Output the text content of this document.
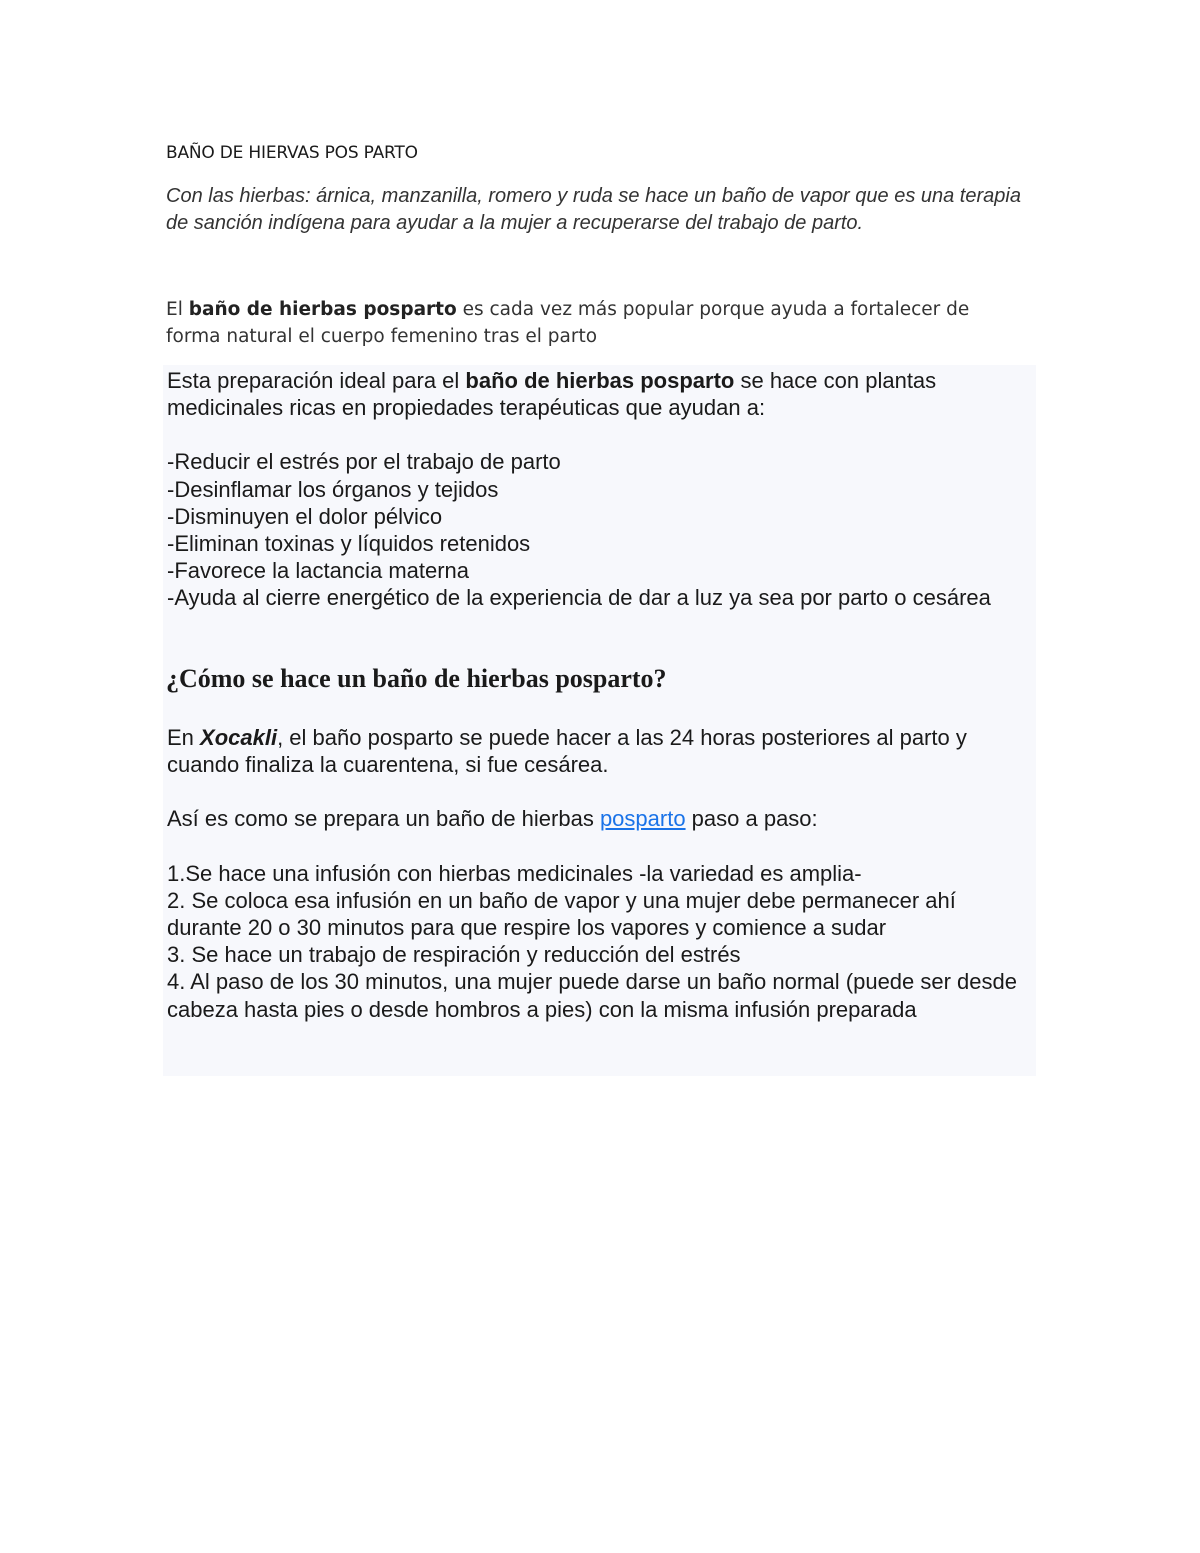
BAÑO DE HIERVAS POS PARTO
Con las hierbas: árnica, manzanilla, romero y ruda se hace un baño de vapor que es una terapia de sanción indígena para ayudar a la mujer a recuperarse del trabajo de parto.
El baño de hierbas posparto es cada vez más popular porque ayuda a fortalecer de forma natural el cuerpo femenino tras el parto

Esta preparación ideal para el baño de hierbas posparto se hace con plantas medicinales ricas en propiedades terapéuticas que ayudan a:

-Reducir el estrés por el trabajo de parto

-Desinflamar los órganos y tejidos

-Disminuyen el dolor pélvico

-Eliminan toxinas y líquidos retenidos

-Favorece la lactancia materna

-Ayuda al cierre energético de la experiencia de dar a luz ya sea por parto o cesárea

¿Cómo se hace un baño de hierbas posparto?

En Xocakli, el baño posparto se puede hacer a las 24 horas posteriores al parto y cuando finaliza la cuarentena, si fue cesárea.

Así es como se prepara un baño de hierbas posparto paso a paso:

1.Se hace una infusión con hierbas medicinales -la variedad es amplia-

2. Se coloca esa infusión en un baño de vapor y una mujer debe permanecer ahí durante 20 o 30 minutos para que respire los vapores y comience a sudar

3. Se hace un trabajo de respiración y reducción del estrés

4. Al paso de los 30 minutos, una mujer puede darse un baño normal (puede ser desde cabeza hasta pies o desde hombros a pies) con la misma infusión preparada
